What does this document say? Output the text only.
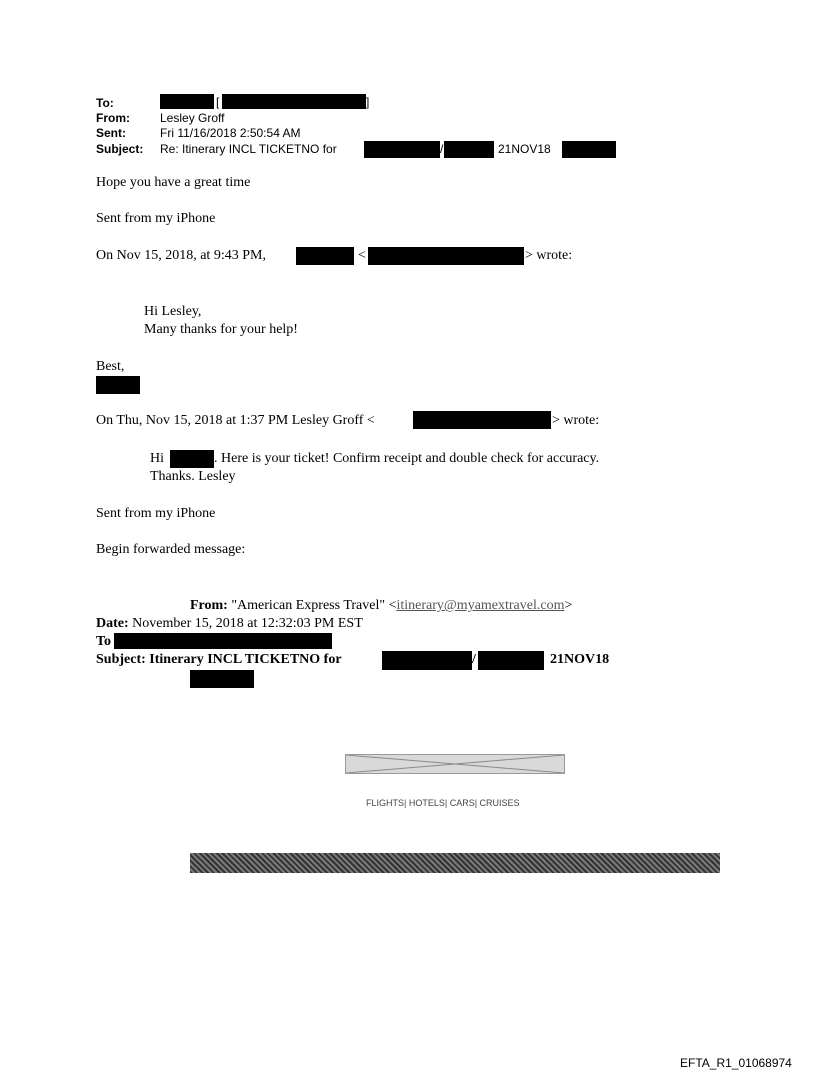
To:	[	]
From:	Lesley Groff
Sent:	Fri 11/16/2018 2:50:54 AM
Subject: Re: Itinerary INCL TICKETNO for	/	21NOV18
Hope you have a great time
Sent from my iPhone
On Nov 15, 2018, at 9:43 PM,	<	> wrote:
Hi Lesley,
Many thanks for your help!
Best,
On Thu, Nov 15, 2018 at 1:37 PM Lesley Groff <	> wrote:
Hi	. Here is your ticket! Confirm receipt and double check for accuracy.
Thanks. Lesley
Sent from my iPhone
Begin forwarded message:
From: "American Express Travel" <itinerary@myamextravel.com>
Date: November 15, 2018 at 12:32:03 PM EST
To
Subject: Itinerary INCL TICKETNO for	/	21NOV18
FLIGHTS| HOTELS| CARS| CRUISES
EFTA_R1_01068974
